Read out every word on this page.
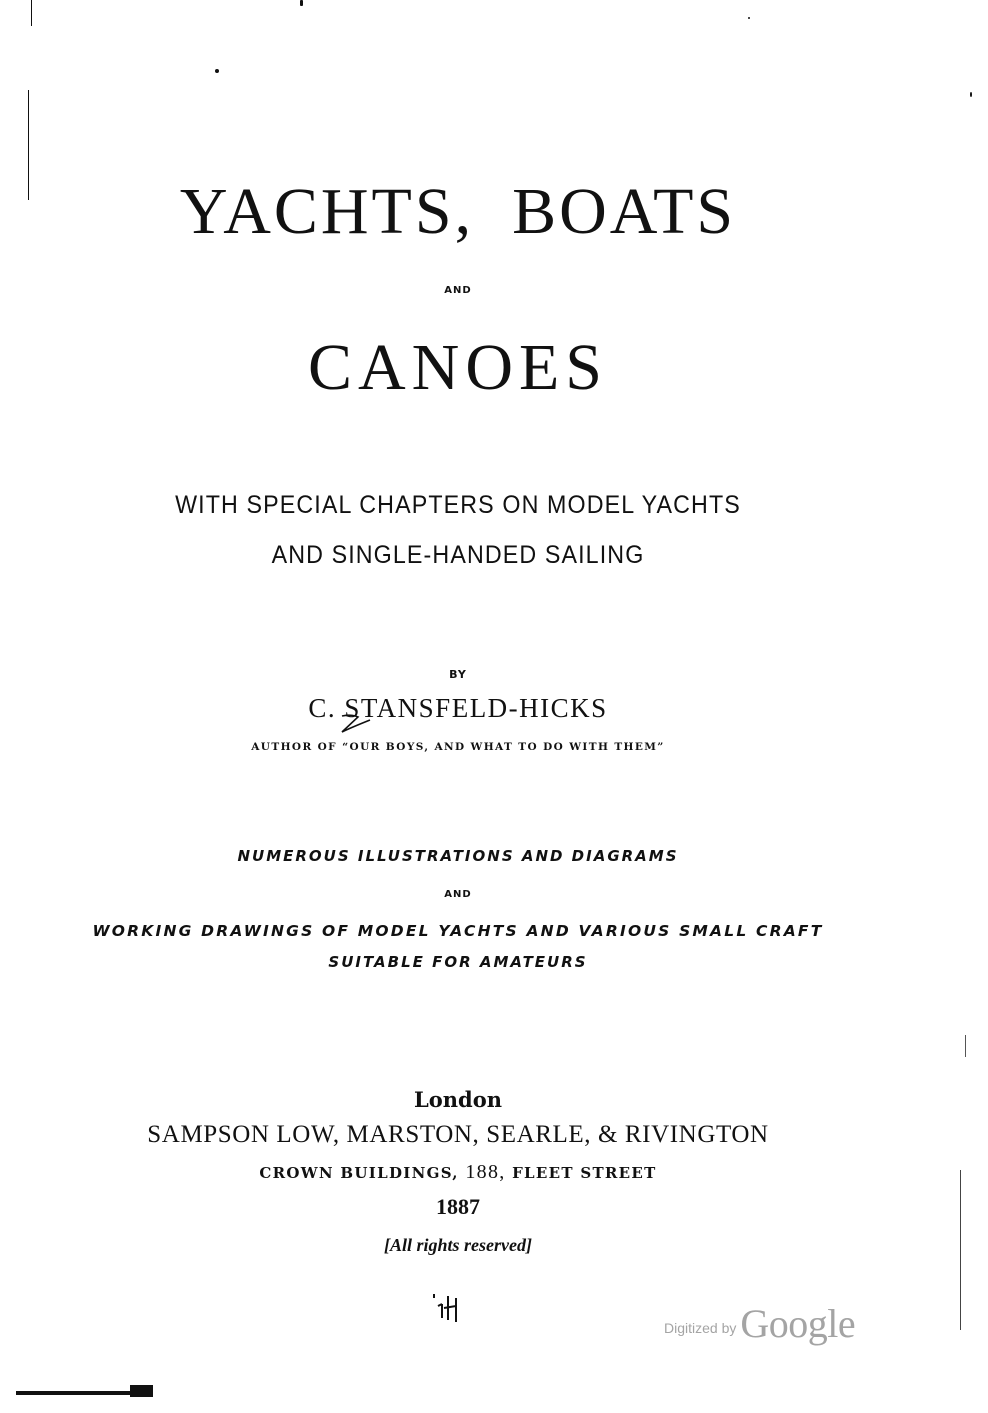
YACHTS, BOATS
AND
CANOES
WITH SPECIAL CHAPTERS ON MODEL YACHTS
AND SINGLE-HANDED SAILING
BY
C. STANSFELD-HICKS
AUTHOR OF “OUR BOYS, AND WHAT TO DO WITH THEM”
NUMEROUS ILLUSTRATIONS AND DIAGRAMS
AND
WORKING DRAWINGS OF MODEL YACHTS AND VARIOUS SMALL CRAFT
SUITABLE FOR AMATEURS
London
SAMPSON LOW, MARSTON, SEARLE, & RIVINGTON
CROWN BUILDINGS, 188, FLEET STREET
1887
[All rights reserved]
Digitized by Google
